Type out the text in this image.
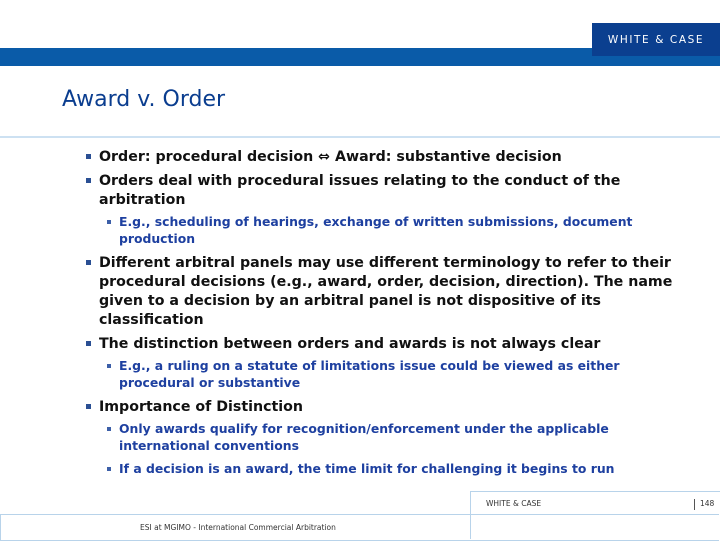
WHITE & CASE
Award v. Order
Order: procedural decision ⇔ Award: substantive decision
Orders deal with procedural issues relating to the conduct of the arbitration
E.g., scheduling of hearings, exchange of written submissions, document production
Different arbitral panels may use different terminology to refer to their procedural decisions (e.g., award, order, decision, direction). The name given to a decision by an arbitral panel is not dispositive of its classification
The distinction between orders and awards is not always clear
E.g., a ruling on a statute of limitations issue could be viewed as either procedural or substantive
Importance of Distinction
Only awards qualify for recognition/enforcement under the applicable international conventions
If a decision is an award, the time limit for challenging it begins to run
WHITE & CASE	148
ESI at MGIMO - International Commercial Arbitration
